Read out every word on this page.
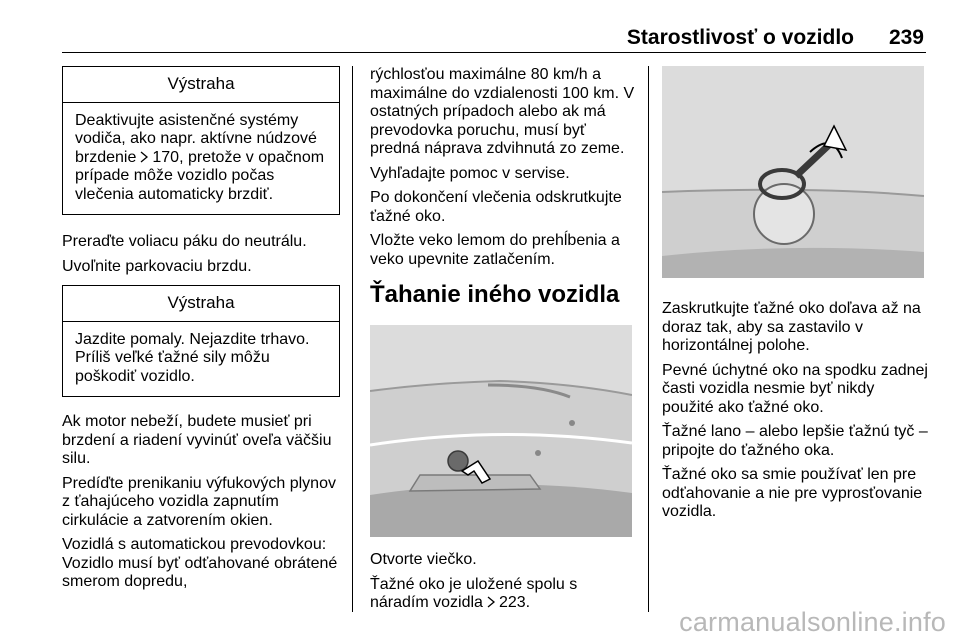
Starostlivosť o vozidlo 239
Výstraha

Deaktivujte asistenčné systémy vodiča, ako napr. aktívne núdzové brzdenie 170, pretože v opačnom prípade môže vozidlo počas vlečenia automaticky brzdiť.

Preraďte voliacu páku do neutrálu.

Uvoľnite parkovaciu brzdu.

Výstraha

Jazdite pomaly. Nejazdite trhavo. Príliš veľké ťažné sily môžu poškodiť vozidlo.

Ak motor nebeží, budete musieť pri brzdení a riadení vyvinúť oveľa väčšiu silu.

Predíďte prenikaniu výfukových plynov z ťahajúceho vozidla zapnutím cirkulácie a zatvorením okien.

Vozidlá s automatickou prevodovkou: Vozidlo musí byť odťahované obrátené smerom dopredu,

rýchlosťou maximálne 80 km/h a maximálne do vzdialenosti 100 km. V ostatných prípadoch alebo ak má prevodovka poruchu, musí byť predná náprava zdvihnutá zo zeme.

Vyhľadajte pomoc v servise.

Po dokončení vlečenia odskrutkujte ťažné oko.

Vložte veko lemom do prehĺbenia a veko upevnite zatlačením.

Ťahanie iného vozidla

Otvorte viečko.

Ťažné oko je uložené spolu s náradím vozidla 223.

Zaskrutkujte ťažné oko doľava až na doraz tak, aby sa zastavilo v horizontálnej polohe.

Pevné úchytné oko na spodku zadnej časti vozidla nesmie byť nikdy použité ako ťažné oko.

Ťažné lano – alebo lepšie ťažnú tyč – pripojte do ťažného oka.

Ťažné oko sa smie používať len pre odťahovanie a nie pre vyprosťovanie vozidla.

carmanualsonline.info
